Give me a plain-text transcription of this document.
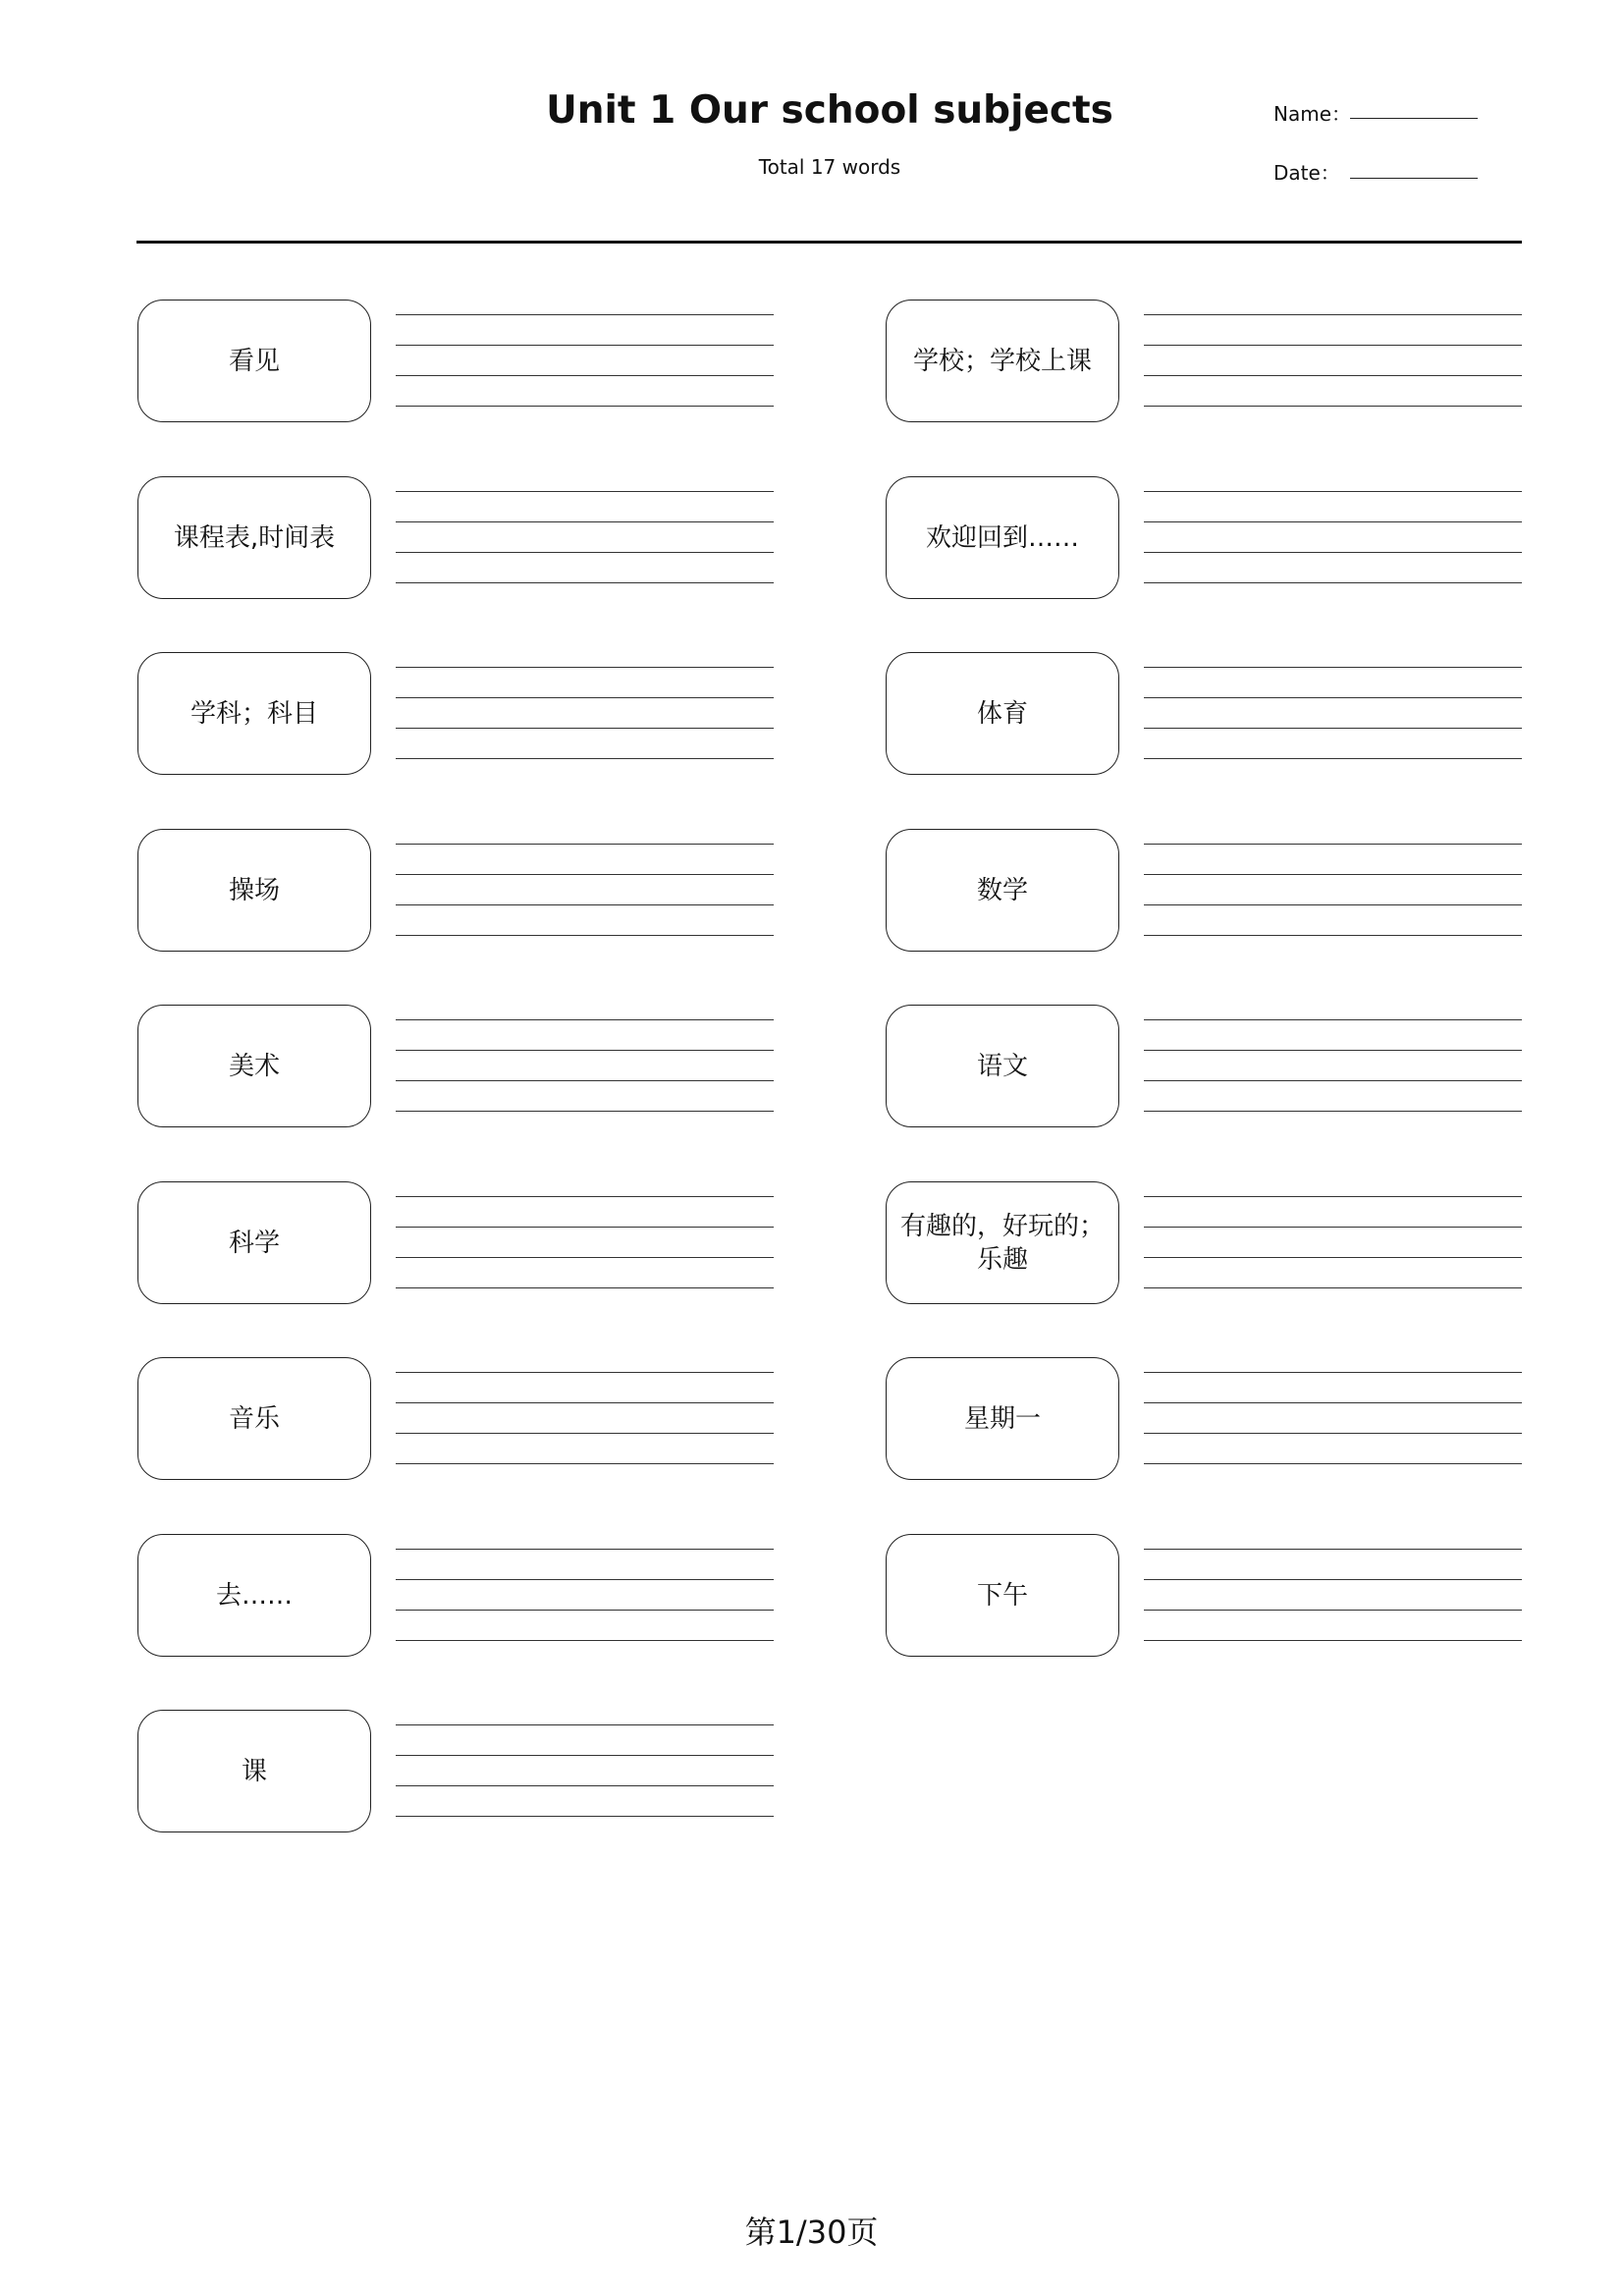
Unit 1 Our school subjects
Total 17 words
Name：
Date：
看见	学校；学校上课
课程表,时间表	欢迎回到……
学科；科目	体育
操场	数学
美术	语文
科学
有趣的，好玩的；乐趣
音乐	星期一
去……	下午
课
第1/30页
